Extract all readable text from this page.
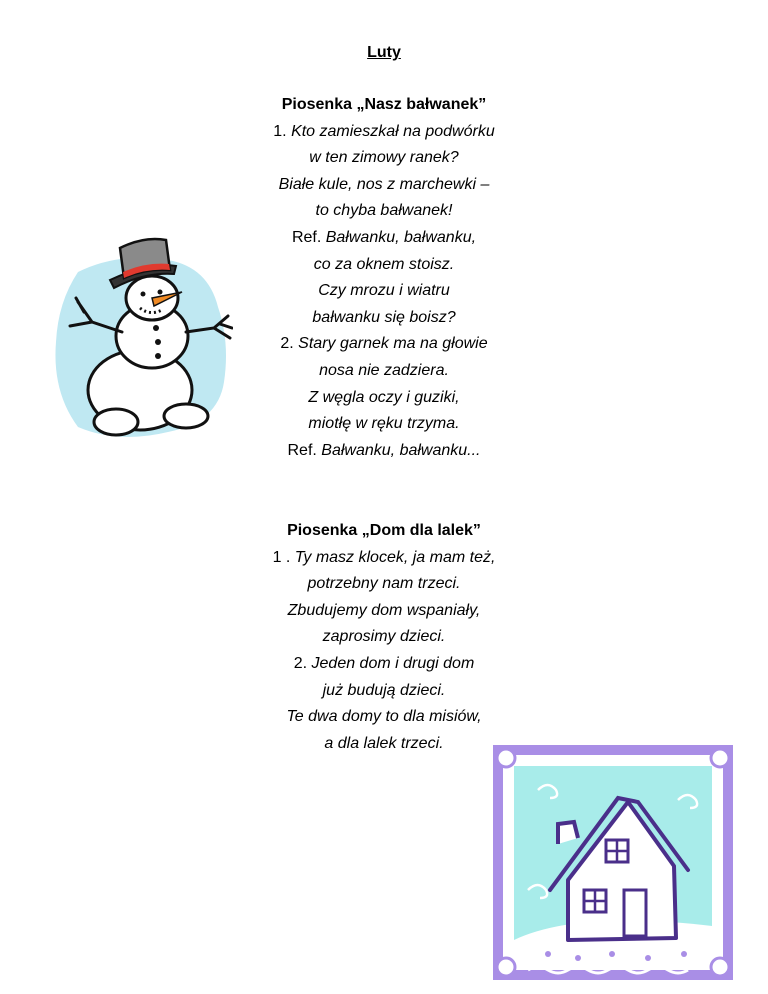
Luty
Piosenka „Nasz bałwanek”
1. Kto zamieszkał na podwórku
w ten zimowy ranek?
Białe kule, nos z marchewki –
to chyba bałwanek!
Ref. Bałwanku, bałwanku,
co za oknem stoisz.
Czy mrozu i wiatru
bałwanku się boisz?
2. Stary garnek ma na głowie
nosa nie zadziera.
Z węgla oczy i guziki,
miotłę w ręku trzyma.
Ref. Bałwanku, bałwanku...
Piosenka „Dom dla lalek”
1 . Ty masz klocek, ja mam też,
potrzebny nam trzeci.
Zbudujemy dom wspaniały,
zaprosimy dzieci.
2. Jeden dom i drugi dom
już budują dzieci.
Te dwa domy to dla misiów,
a dla lalek trzeci.
